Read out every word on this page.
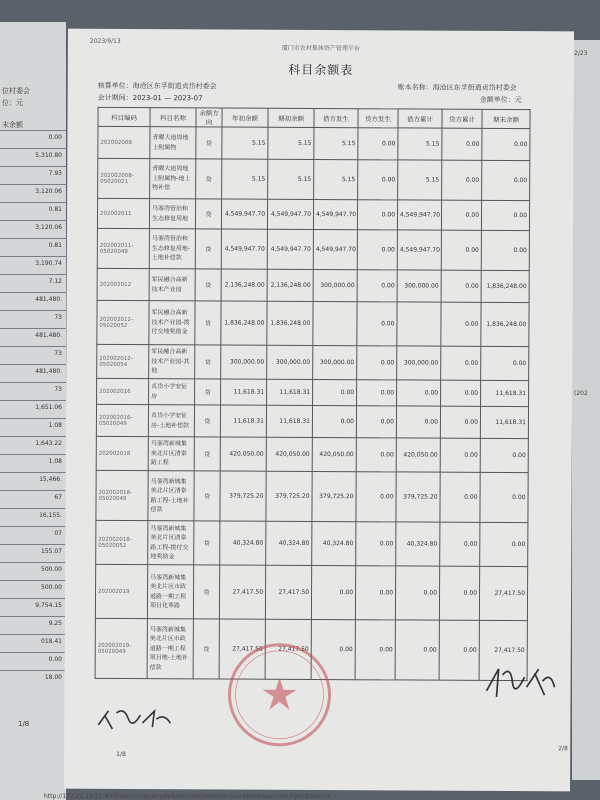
位村委会
位：元
末余额
0.00
5,310.80
7.93
3,120.06
0.81
3,120.06
0.81
3,190.74
7.12
481,480.
73
481,480.
73
481,480.
73
1,651.06
1.08
1,643.22
1.08
15,466.
67
16,155.
07
155.07
500.00
500.00
9,754.15
9.25
018.41
0.00
18.00
1/8
2/23
(202
2023/9/13
厦门市农村集体资产管理平台
科目余额表
核算单位：海沧区东孚街道贞岱村委会
会计期间：2023-01 — 2023-07
账本名称：海沧区东孚街道贞岱村委会
金额单位：元
科目编码	科目名称	余额方向	年初余额	期初余额	借方发生	贷方发生	借方累计	贷方累计	期末余额
202002008	青曜大道周地上附属物	贷	5.15	5.15	5.15	0.00	5.15	0.00	0.00
202002008-05020021	青曜大道周地上附属物-地上物补偿	贷	5.15	5.15	5.15	0.00	5.15	0.00	0.00
202002011	马銮湾管治和生态修复用地	贷	4,549,947.70	4,549,947.70	4,549,947.70	0.00	4,549,947.70	0.00	0.00
202002011-05020049	马銮湾管治和生态修复用地-土地补偿款	贷	4,549,947.70	4,549,947.70	4,549,947.70	0.00	4,549,947.70	0.00	0.00
202002012	军民融合高新技术产业园	贷	2,136,248.00	2,136,248.00	300,000.00	0.00	300,000.00	0.00	1,836,248.00
202002012-05020052	军民融合高新技术产业园-拨付交地奖励金	贷	1,836,248.00	1,836,248.00		0.00		0.00	1,836,248.00
202002012-05020054	军民融合高新技术产业园-其他	贷	300,000.00	300,000.00	300,000.00	0.00	300,000.00	0.00	0.00
202002016	贞岱小学安征房	贷	11,618.31	11,618.31	0.00	0.00	0.00	0.00	11,618.31
202002016-05020049	贞岱小学安征房-土地补偿款	贷	11,618.31	11,618.31	0.00	0.00	0.00	0.00	11,618.31
202002018	马銮湾新城集美北片区清泰路工程	贷	420,050.00	420,050.00	420,050.00	0.00	420,050.00	0.00	0.00
202002018-05020049	马銮湾新城集美北片区清泰路工程-土地补偿款	贷	379,725.20	379,725.20	379,725.20	0.00	379,725.20	0.00	0.00
202002018-05020052	马銮湾新城集美北片区清泰路工程-拨付交地奖励金	贷	40,324.80	40,324.80	40,324.80	0.00	40,324.80	0.00	0.00
202002019	马銮湾新城集美北片区市政道路一期工程项目化革路	贷	27,417.50	27,417.50	0.00	0.00	0.00	0.00	27,417.50
202002019-05020049	马銮湾新城集美北片区市政道路一期工程项目地-土地补偿款	贷	27,417.50	27,417.50	0.00	0.00	0.00	0.00	27,417.50
1/8
2/8
http://172.21.13.15:8090/accountqueryweb/account/detail/accountBookSearch/subjectBalance
